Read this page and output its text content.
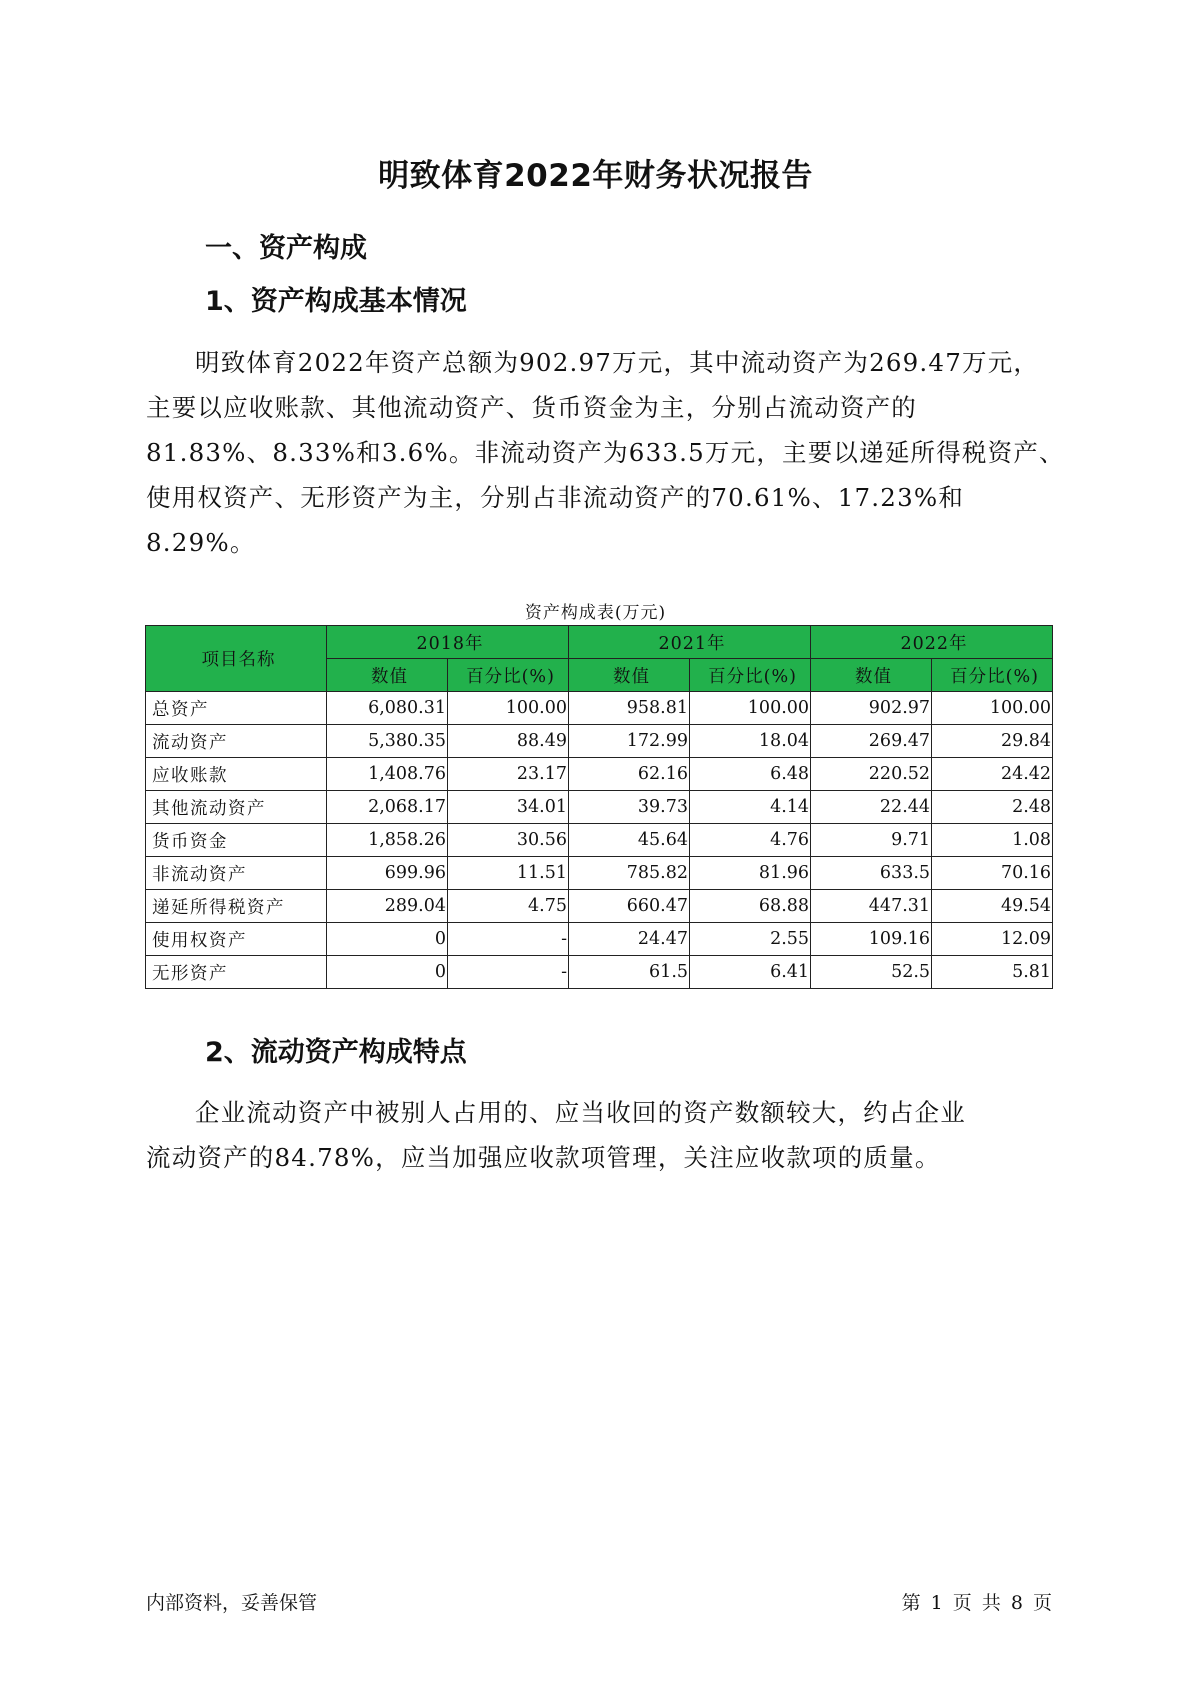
明致体育2022年财务状况报告
一、资产构成
1、资产构成基本情况

明致体育2022年资产总额为902.97万元，其中流动资产为269.47万元，
主要以应收账款、其他流动资产、货币资金为主，分别占流动资产的
81.83%、8.33%和3.6%。非流动资产为633.5万元，主要以递延所得税资产、
使用权资产、无形资产为主，分别占非流动资产的70.61%、17.23%和
8.29%。

资产构成表(万元)
项目名称	2018年		2021年		2022年	
	数值	百分比(%)	数值	百分比(%)	数值	百分比(%)
总资产	6,080.31	100.00	958.81	100.00	902.97	100.00
流动资产	5,380.35	88.49	172.99	18.04	269.47	29.84
应收账款	1,408.76	23.17	62.16	6.48	220.52	24.42
其他流动资产	2,068.17	34.01	39.73	4.14	22.44	2.48
货币资金	1,858.26	30.56	45.64	4.76	9.71	1.08
非流动资产	699.96	11.51	785.82	81.96	633.5	70.16
递延所得税资产	289.04	4.75	660.47	68.88	447.31	49.54
使用权资产	0	-	24.47	2.55	109.16	12.09
无形资产	0	-	61.5	6.41	52.5	5.81
2、流动资产构成特点

企业流动资产中被别人占用的、应当收回的资产数额较大，约占企业
流动资产的84.78%，应当加强应收款项管理，关注应收款项的质量。

内部资料，妥善保管	第 1 页 共 8 页
